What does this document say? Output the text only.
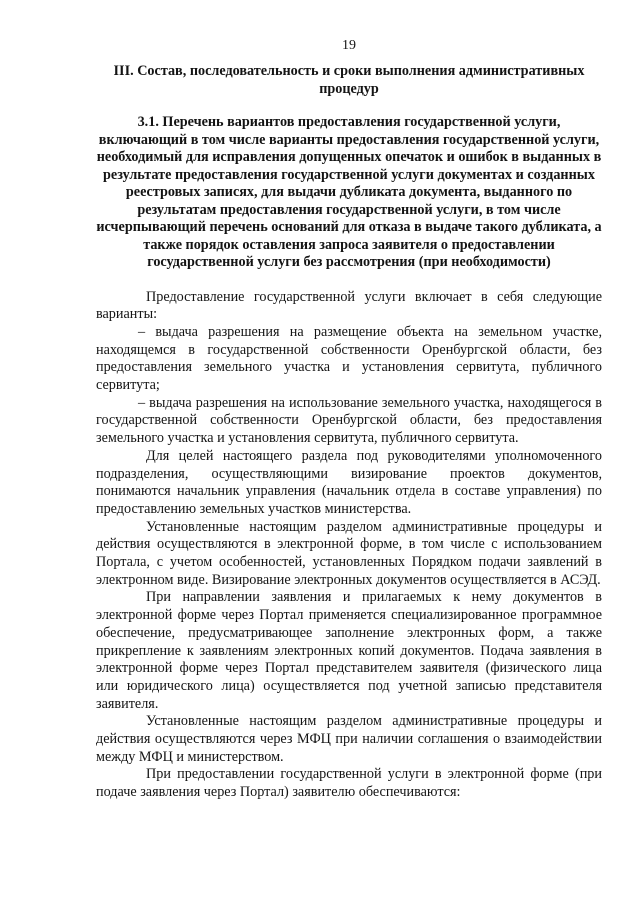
19

III. Состав, последовательность и сроки выполнения административных процедур

3.1. Перечень вариантов предоставления государственной услуги, включающий в том числе варианты предоставления государственной услуги, необходимый для исправления допущенных опечаток и ошибок в выданных в результате предоставления государственной услуги документах и созданных реестровых записях, для выдачи дубликата документа, выданного по результатам предоставления государственной услуги, в том числе исчерпывающий перечень оснований для отказа в выдаче такого дубликата, а также порядок оставления запроса заявителя о предоставлении государственной услуги без рассмотрения (при необходимости)

Предоставление государственной услуги включает в себя следующие варианты:

– выдача разрешения на размещение объекта на земельном участке, находящемся в государственной собственности Оренбургской области, без предоставления земельного участка и установления сервитута, публичного сервитута;

– выдача разрешения на использование земельного участка, находящегося в государственной собственности Оренбургской области, без предоставления земельного участка и установления сервитута, публичного сервитута.

Для целей настоящего раздела под руководителями уполномоченного подразделения, осуществляющими визирование проектов документов, понимаются начальник управления (начальник отдела в составе управления) по предоставлению земельных участков министерства.

Установленные настоящим разделом административные процедуры и действия осуществляются в электронной форме, в том числе с использованием Портала, с учетом особенностей, установленных Порядком подачи заявлений в электронном виде. Визирование электронных документов осуществляется в АСЭД.

При направлении заявления и прилагаемых к нему документов в электронной форме через Портал применяется специализированное программное обеспечение, предусматривающее заполнение электронных форм, а также прикрепление к заявлениям электронных копий документов. Подача заявления в электронной форме через Портал представителем заявителя (физического лица или юридического лица) осуществляется под учетной записью представителя заявителя.

Установленные настоящим разделом административные процедуры и действия осуществляются через МФЦ при наличии соглашения о взаимодействии между МФЦ и министерством.

При предоставлении государственной услуги в электронной форме (при подаче заявления через Портал) заявителю обеспечиваются:
